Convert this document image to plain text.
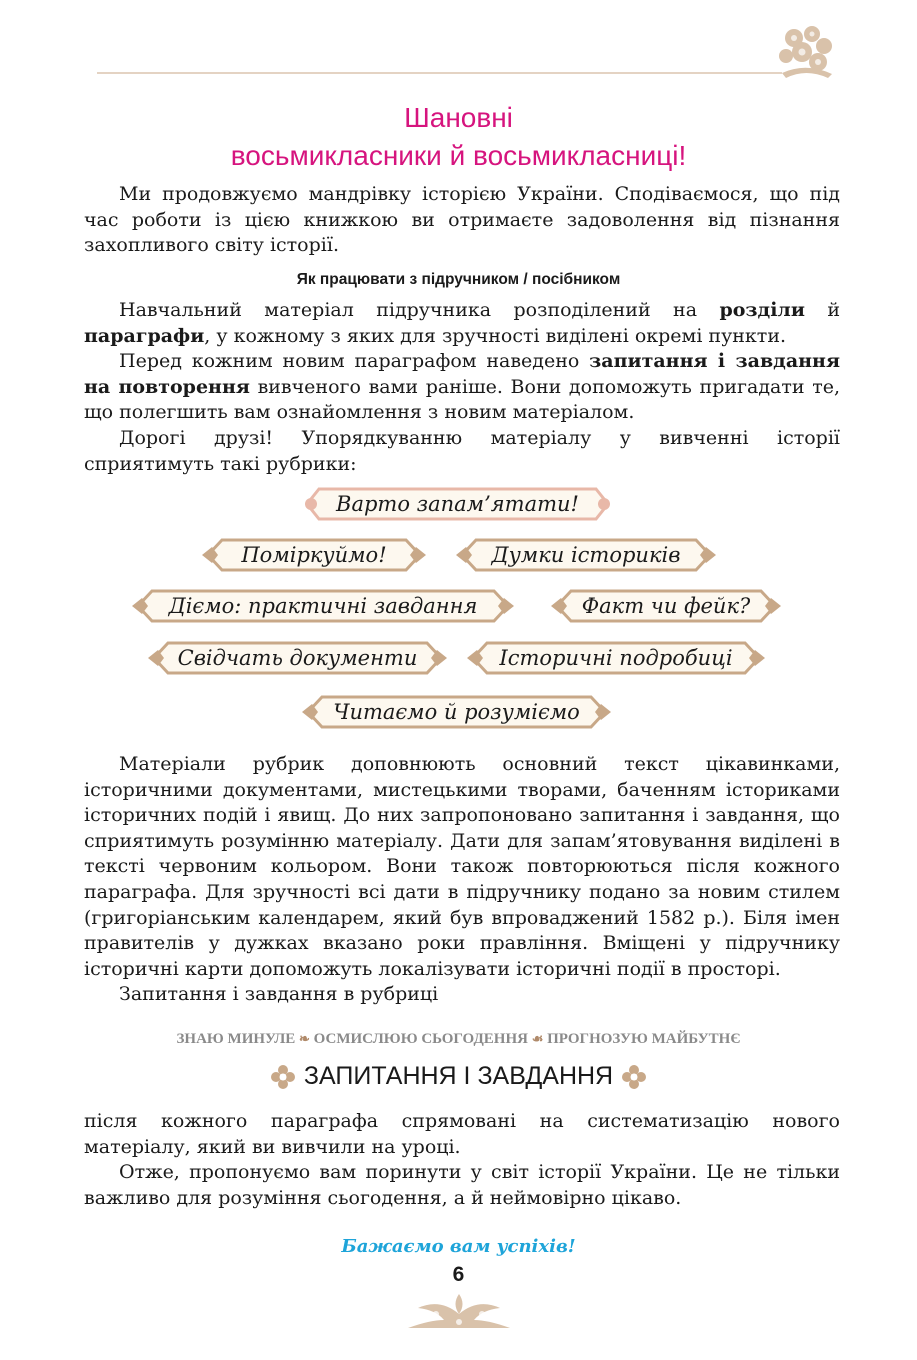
Шановні
восьмикласники й восьмикласниці!

Ми продовжуємо мандрівку історією України. Сподіваємося, що під час роботи із цією книжкою ви отримаєте задоволення від пізнання захопливого світу історії.

Як працювати з підручником / посібником

Навчальний матеріал підручника розподілений на розділи й параграфи, у кожному з яких для зручності виділені окремі пункти.

Перед кожним новим параграфом наведено запитання і завдання на повторення вивченого вами раніше. Вони допоможуть пригадати те, що полегшить вам ознайомлення з новим матеріалом.

Дорогі друзі! Упорядкуванню матеріалу у вивченні історії сприятимуть такі рубрики:

Варто запам’ятати!
Поміркуймо!	Думки істориків
Діємо: практичні завдання	Факт чи фейк?
Свідчать документи	Історичні подробиці
Читаємо й розуміємо

Матеріали рубрик доповнюють основний текст цікавинками, історичними документами, мистецькими творами, баченням істориками історичних подій і явищ. До них запропоновано запитання і завдання, що сприятимуть розумінню матеріалу. Дати для запам’ятовування виділені в тексті червоним кольором. Вони також повторюються після кожного параграфа. Для зручності всі дати в підручнику подано за новим стилем (григоріанським календарем, який був впроваджений 1582 р.). Біля імен правителів у дужках вказано роки правління. Вміщені у підручнику історичні карти допоможуть локалізувати історичні події в просторі.

Запитання і завдання в рубриці

ЗНАЮ МИНУЛЕ ❧ ОСМИСЛЮЮ СЬОГОДЕННЯ ☙ ПРОГНОЗУЮ МАЙБУТНЄ
ЗАПИТАННЯ І ЗАВДАННЯ

після кожного параграфа спрямовані на систематизацію нового матеріалу, який ви вивчили на уроці.

Отже, пропонуємо вам поринути у світ історії України. Це не тільки важливо для розуміння сьогодення, а й неймовірно цікаво.

Бажаємо вам успіхів!
6
